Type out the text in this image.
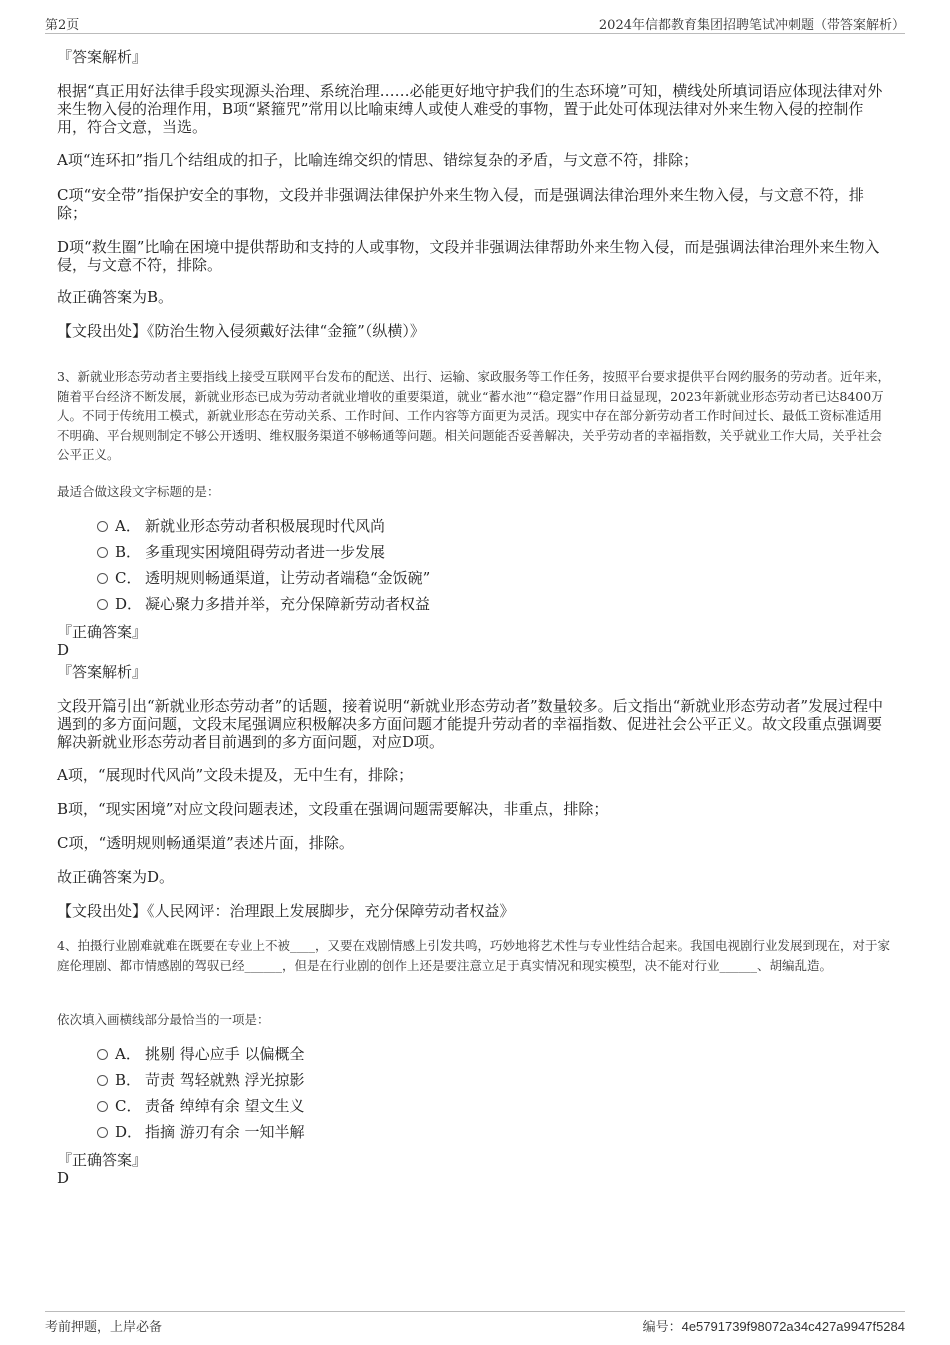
第2页	2024年信都教育集团招聘笔试冲刺题（带答案解析）
『答案解析』
根据“真正用好法律手段实现源头治理、系统治理……必能更好地守护我们的生态环境”可知，横线处所填词语应体现法律对外来生物入侵的治理作用，B项“紧箍咒”常用以比喻束缚人或使人难受的事物，置于此处可体现法律对外来生物入侵的控制作用，符合文意，当选。
A项“连环扣”指几个结组成的扣子，比喻连绵交织的情思、错综复杂的矛盾，与文意不符，排除；
C项“安全带”指保护安全的事物，文段并非强调法律保护外来生物入侵，而是强调法律治理外来生物入侵，与文意不符，排除；
D项“救生圈”比喻在困境中提供帮助和支持的人或事物，文段并非强调法律帮助外来生物入侵，而是强调法律治理外来生物入侵，与文意不符，排除。
故正确答案为B。
【文段出处】《防治生物入侵须戴好法律“金箍”（纵横）》
3、新就业形态劳动者主要指线上接受互联网平台发布的配送、出行、运输、家政服务等工作任务，按照平台要求提供平台网约服务的劳动者。近年来，随着平台经济不断发展，新就业形态已成为劳动者就业增收的重要渠道，就业“蓄水池”“稳定器”作用日益显现，2023年新就业形态劳动者已达8400万人。不同于传统用工模式，新就业形态在劳动关系、工作时间、工作内容等方面更为灵活。现实中存在部分新劳动者工作时间过长、最低工资标准适用不明确、平台规则制定不够公开透明、维权服务渠道不够畅通等问题。相关问题能否妥善解决，关乎劳动者的幸福指数，关乎就业工作大局，关乎社会公平正义。
最适合做这段文字标题的是：
A． 新就业形态劳动者积极展现时代风尚
B． 多重现实困境阻碍劳动者进一步发展
C． 透明规则畅通渠道，让劳动者端稳“金饭碗”
D． 凝心聚力多措并举，充分保障新劳动者权益
『正确答案』
D
『答案解析』
文段开篇引出“新就业形态劳动者”的话题，接着说明“新就业形态劳动者”数量较多。后文指出“新就业形态劳动者”发展过程中遇到的多方面问题，文段末尾强调应积极解决多方面问题才能提升劳动者的幸福指数、促进社会公平正义。故文段重点强调要解决新就业形态劳动者目前遇到的多方面问题，对应D项。
A项，“展现时代风尚”文段未提及，无中生有，排除；
B项，“现实困境”对应文段问题表述，文段重在强调问题需要解决，非重点，排除；
C项，“透明规则畅通渠道”表述片面，排除。
故正确答案为D。
【文段出处】《人民网评：治理跟上发展脚步，充分保障劳动者权益》
4、拍摄行业剧难就难在既要在专业上不被____，又要在戏剧情感上引发共鸣，巧妙地将艺术性与专业性结合起来。我国电视剧行业发展到现在，对于家庭伦理剧、都市情感剧的驾驭已经______，但是在行业剧的创作上还是要注意立足于真实情况和现实模型，决不能对行业______、胡编乱造。
依次填入画横线部分最恰当的一项是：
A． 挑剔 得心应手 以偏概全
B． 苛责 驾轻就熟 浮光掠影
C． 责备 绰绰有余 望文生义
D． 指摘 游刃有余 一知半解
『正确答案』
D
考前押题，上岸必备	编号：4e5791739f98072a34c427a9947f5284
